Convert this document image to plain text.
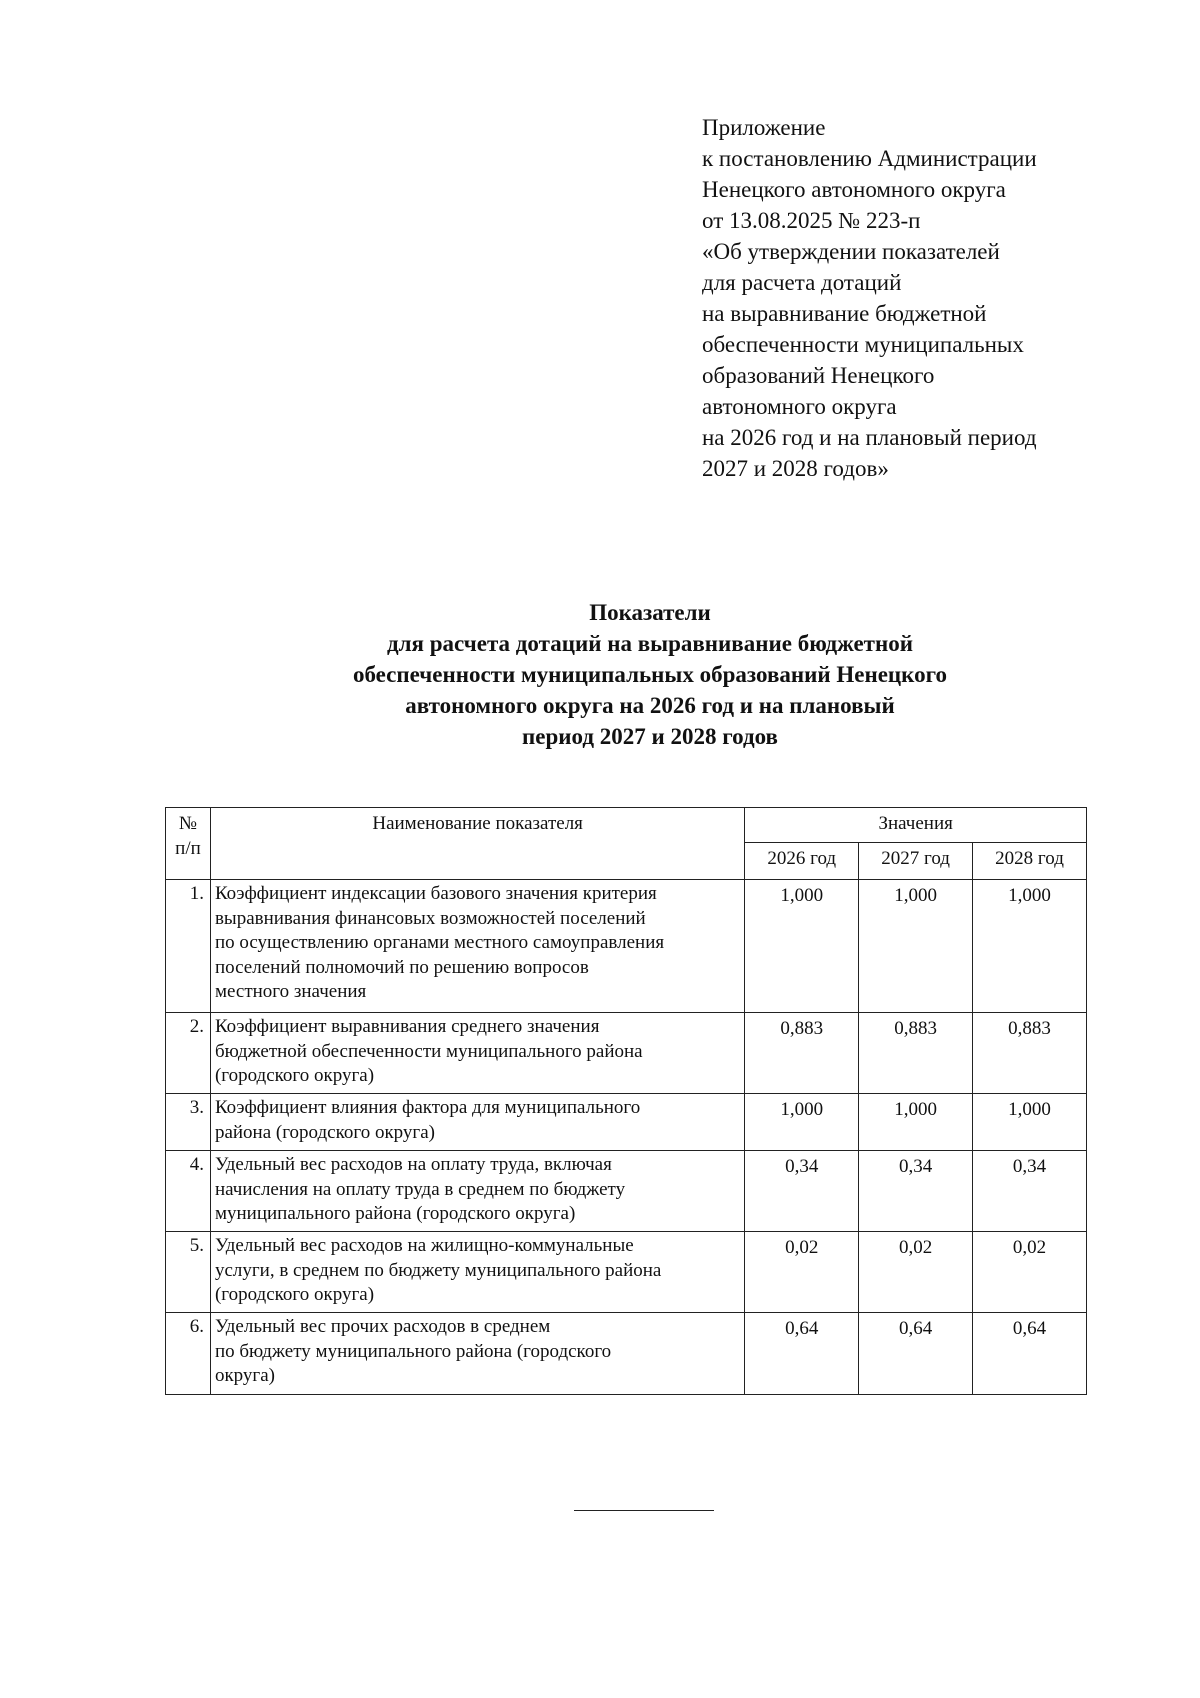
Приложение
к постановлению Администрации
Ненецкого автономного округа
от 13.08.2025 № 223-п
«Об утверждении показателей
для расчета дотаций
на выравнивание бюджетной
обеспеченности муниципальных
образований Ненецкого
автономного округа
на 2026 год и на плановый период
2027 и 2028 годов»
Показатели
для расчета дотаций на выравнивание бюджетной
обеспеченности муниципальных образований Ненецкого
автономного округа на 2026 год и на плановый
период 2027 и 2028 годов
№
п/п	Наименование показателя	Значения		
		2026 год	2027 год	2028 год
1.	Коэффициент индексации базового значения критерия
выравнивания финансовых возможностей поселений
по осуществлению органами местного самоуправления
поселений полномочий по решению вопросов
местного значения	1,000	1,000	1,000
2.	Коэффициент выравнивания среднего значения
бюджетной обеспеченности муниципального района
(городского округа)	0,883	0,883	0,883
3.	Коэффициент влияния фактора для муниципального
района (городского округа)	1,000	1,000	1,000
4.	Удельный вес расходов на оплату труда, включая
начисления на оплату труда в среднем по бюджету
муниципального района (городского округа)	0,34	0,34	0,34
5.	Удельный вес расходов на жилищно-коммунальные
услуги, в среднем по бюджету муниципального района
(городского округа)	0,02	0,02	0,02
6.	Удельный вес прочих расходов в среднем
по бюджету муниципального района (городского
округа)	0,64	0,64	0,64
